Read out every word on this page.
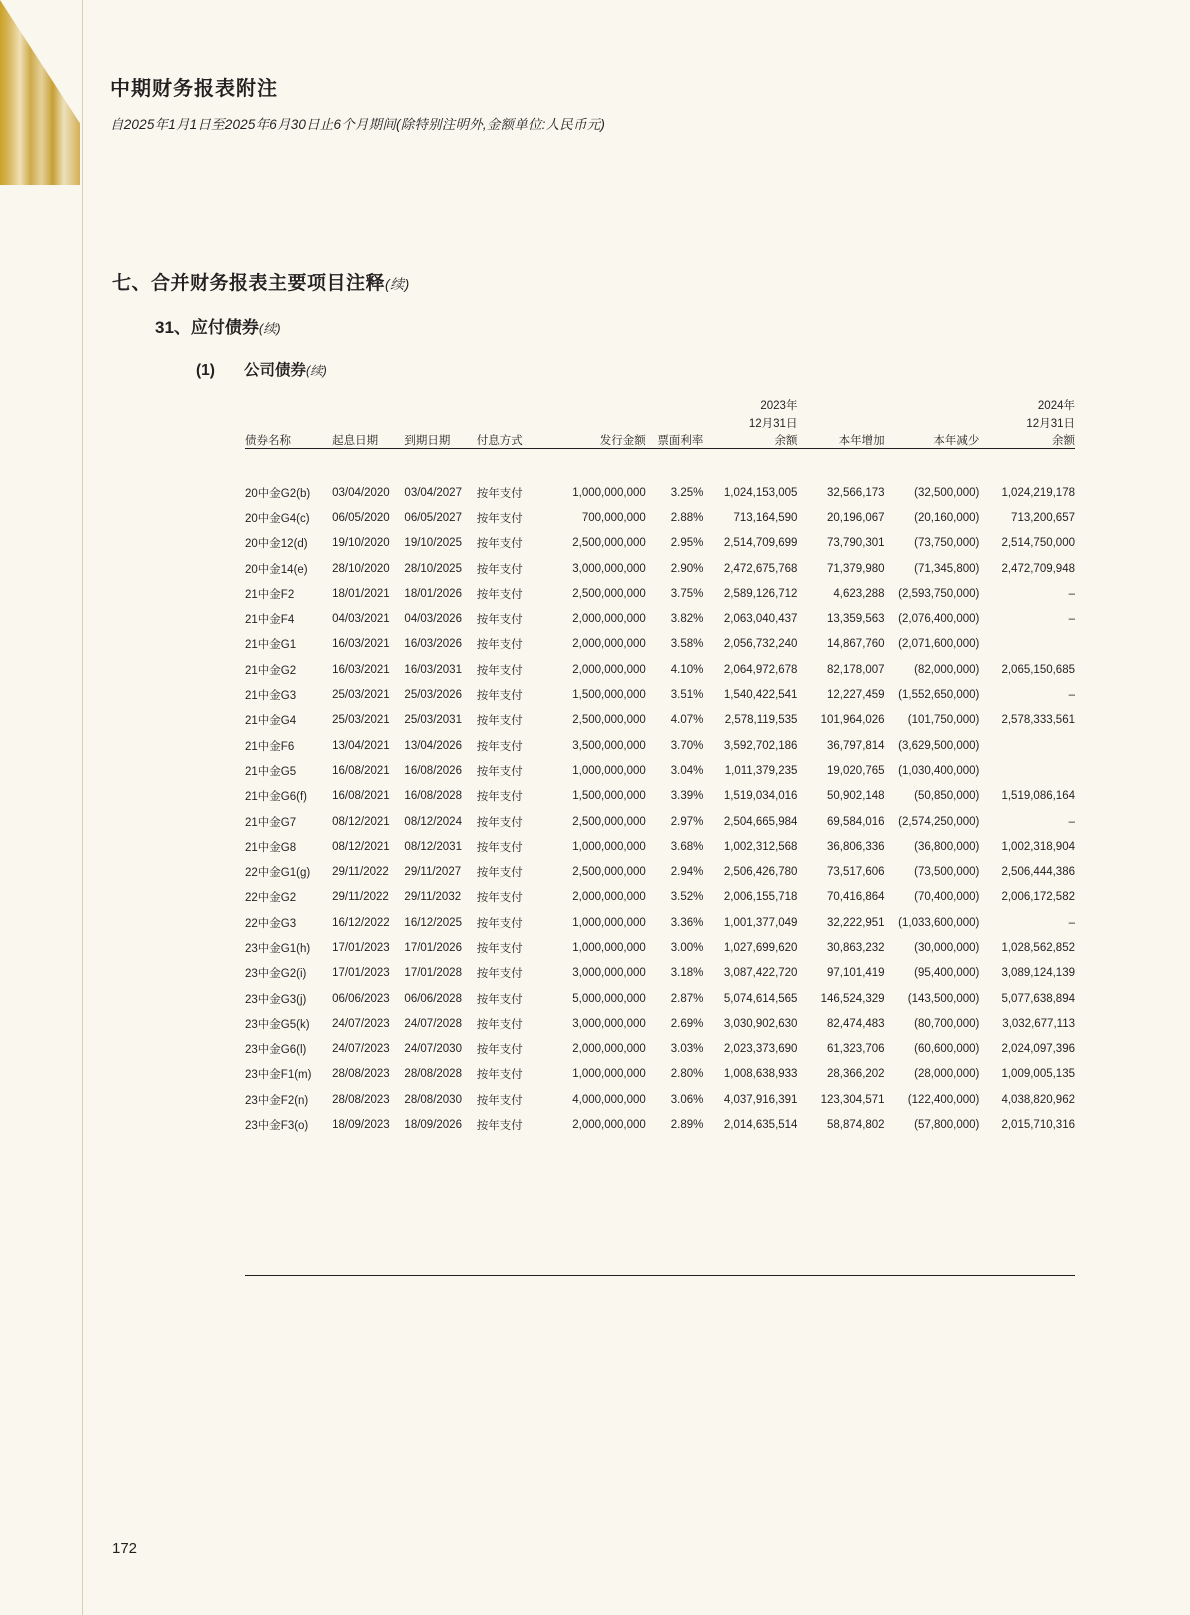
中期财务报表附注
自2025年1月1日至2025年6月30日止6个月期间(除特别注明外,金额单位:人民币元)
七、合并财务报表主要项目注释(续)
31、应付债券(续)
(1) 公司债券(续)
						2023年			2024年
						12月31日			12月31日
债券名称	起息日期	到期日期	付息方式	发行金额	票面利率	余额	本年增加	本年减少	余额

20中金G2(b)	03/04/2020	03/04/2027	按年支付	1,000,000,000	3.25%	1,024,153,005	32,566,173	(32,500,000)	1,024,219,178
20中金G4(c)	06/05/2020	06/05/2027	按年支付	700,000,000	2.88%	713,164,590	20,196,067	(20,160,000)	713,200,657
20中金12(d)	19/10/2020	19/10/2025	按年支付	2,500,000,000	2.95%	2,514,709,699	73,790,301	(73,750,000)	2,514,750,000
20中金14(e)	28/10/2020	28/10/2025	按年支付	3,000,000,000	2.90%	2,472,675,768	71,379,980	(71,345,800)	2,472,709,948
21中金F2	18/01/2021	18/01/2026	按年支付	2,500,000,000	3.75%	2,589,126,712	4,623,288	(2,593,750,000)	–
21中金F4	04/03/2021	04/03/2026	按年支付	2,000,000,000	3.82%	2,063,040,437	13,359,563	(2,076,400,000)	–
21中金G1	16/03/2021	16/03/2026	按年支付	2,000,000,000	3.58%	2,056,732,240	14,867,760	(2,071,600,000)	
21中金G2	16/03/2021	16/03/2031	按年支付	2,000,000,000	4.10%	2,064,972,678	82,178,007	(82,000,000)	2,065,150,685
21中金G3	25/03/2021	25/03/2026	按年支付	1,500,000,000	3.51%	1,540,422,541	12,227,459	(1,552,650,000)	–
21中金G4	25/03/2021	25/03/2031	按年支付	2,500,000,000	4.07%	2,578,119,535	101,964,026	(101,750,000)	2,578,333,561
21中金F6	13/04/2021	13/04/2026	按年支付	3,500,000,000	3.70%	3,592,702,186	36,797,814	(3,629,500,000)	
21中金G5	16/08/2021	16/08/2026	按年支付	1,000,000,000	3.04%	1,011,379,235	19,020,765	(1,030,400,000)	
21中金G6(f)	16/08/2021	16/08/2028	按年支付	1,500,000,000	3.39%	1,519,034,016	50,902,148	(50,850,000)	1,519,086,164
21中金G7	08/12/2021	08/12/2024	按年支付	2,500,000,000	2.97%	2,504,665,984	69,584,016	(2,574,250,000)	–
21中金G8	08/12/2021	08/12/2031	按年支付	1,000,000,000	3.68%	1,002,312,568	36,806,336	(36,800,000)	1,002,318,904
22中金G1(g)	29/11/2022	29/11/2027	按年支付	2,500,000,000	2.94%	2,506,426,780	73,517,606	(73,500,000)	2,506,444,386
22中金G2	29/11/2022	29/11/2032	按年支付	2,000,000,000	3.52%	2,006,155,718	70,416,864	(70,400,000)	2,006,172,582
22中金G3	16/12/2022	16/12/2025	按年支付	1,000,000,000	3.36%	1,001,377,049	32,222,951	(1,033,600,000)	–
23中金G1(h)	17/01/2023	17/01/2026	按年支付	1,000,000,000	3.00%	1,027,699,620	30,863,232	(30,000,000)	1,028,562,852
23中金G2(i)	17/01/2023	17/01/2028	按年支付	3,000,000,000	3.18%	3,087,422,720	97,101,419	(95,400,000)	3,089,124,139
23中金G3(j)	06/06/2023	06/06/2028	按年支付	5,000,000,000	2.87%	5,074,614,565	146,524,329	(143,500,000)	5,077,638,894
23中金G5(k)	24/07/2023	24/07/2028	按年支付	3,000,000,000	2.69%	3,030,902,630	82,474,483	(80,700,000)	3,032,677,113
23中金G6(l)	24/07/2023	24/07/2030	按年支付	2,000,000,000	3.03%	2,023,373,690	61,323,706	(60,600,000)	2,024,097,396
23中金F1(m)	28/08/2023	28/08/2028	按年支付	1,000,000,000	2.80%	1,008,638,933	28,366,202	(28,000,000)	1,009,005,135
23中金F2(n)	28/08/2023	28/08/2030	按年支付	4,000,000,000	3.06%	4,037,916,391	123,304,571	(122,400,000)	4,038,820,962
23中金F3(o)	18/09/2023	18/09/2026	按年支付	2,000,000,000	2.89%	2,014,635,514	58,874,802	(57,800,000)	2,015,710,316
172
